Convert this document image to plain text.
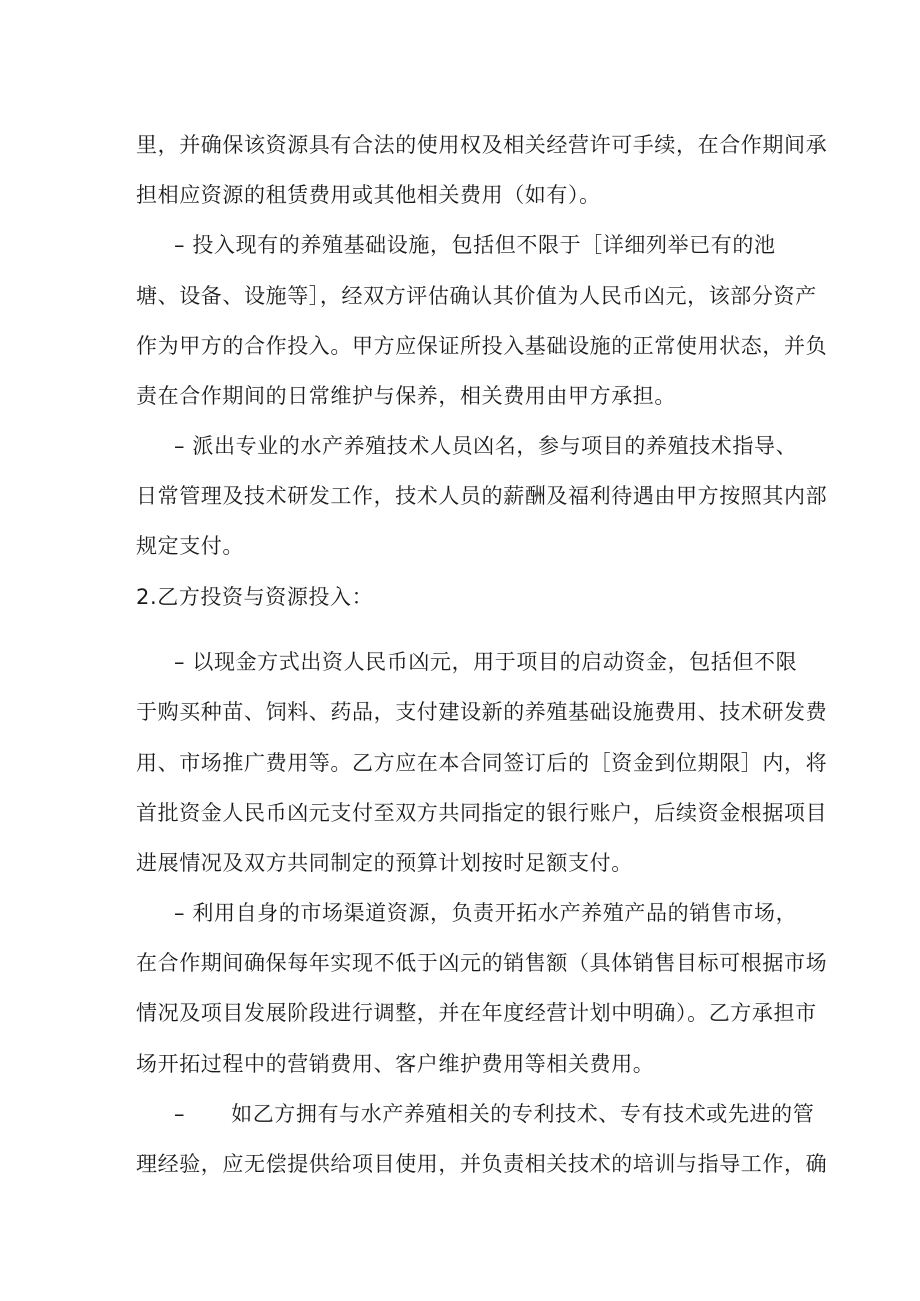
里，并确保该资源具有合法的使用权及相关经营许可手续，在合作期间承
担相应资源的租赁费用或其他相关费用（如有）。
– 投入现有的养殖基础设施，包括但不限于［详细列举已有的池
塘、设备、设施等］，经双方评估确认其价值为人民币凶元，该部分资产
作为甲方的合作投入。甲方应保证所投入基础设施的正常使用状态，并负
责在合作期间的日常维护与保养，相关费用由甲方承担。
– 派出专业的水产养殖技术人员凶名，参与项目的养殖技术指导、
日常管理及技术研发工作，技术人员的薪酬及福利待遇由甲方按照其内部
规定支付。
2.乙方投资与资源投入：
– 以现金方式出资人民币凶元，用于项目的启动资金，包括但不限
于购买种苗、饲料、药品，支付建设新的养殖基础设施费用、技术研发费
用、市场推广费用等。乙方应在本合同签订后的［资金到位期限］内，将
首批资金人民币凶元支付至双方共同指定的银行账户，后续资金根据项目
进展情况及双方共同制定的预算计划按时足额支付。
– 利用自身的市场渠道资源，负责开拓水产养殖产品的销售市场，
在合作期间确保每年实现不低于凶元的销售额（具体销售目标可根据市场
情况及项目发展阶段进行调整，并在年度经营计划中明确）。乙方承担市
场开拓过程中的营销费用、客户维护费用等相关费用。
– 如乙方拥有与水产养殖相关的专利技术、专有技术或先进的管
理经验，应无偿提供给项目使用，并负责相关技术的培训与指导工作，确
